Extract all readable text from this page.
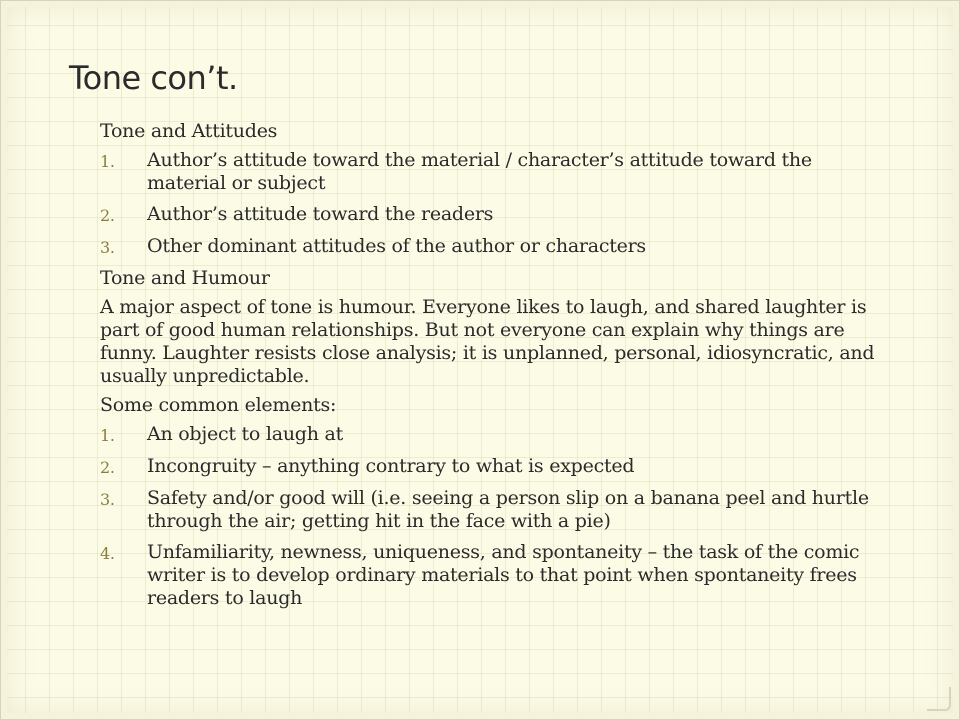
Tone con’t.

Tone and Attitudes

1.	Author’s attitude toward the material / character’s attitude toward the material or subject
2.	Author’s attitude toward the readers
3.	Other dominant attitudes of the author or characters

Tone and Humour

A major aspect of tone is humour. Everyone likes to laugh, and shared laughter is part of good human relationships. But not everyone can explain why things are funny. Laughter resists close analysis; it is unplanned, personal, idiosyncratic, and usually unpredictable.

Some common elements:

1.	An object to laugh at
2.	Incongruity – anything contrary to what is expected
3.	Safety and/or good will (i.e. seeing a person slip on a banana peel and hurtle through the air; getting hit in the face with a pie)
4.	Unfamiliarity, newness, uniqueness, and spontaneity – the task of the comic writer is to develop ordinary materials to that point when spontaneity frees readers to laugh
